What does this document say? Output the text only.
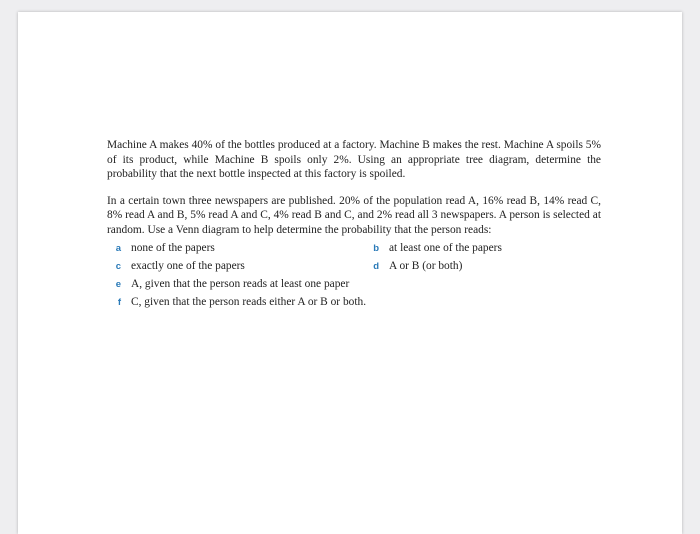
Machine A makes 40% of the bottles produced at a factory. Machine B makes the rest. Machine A spoils 5% of its product, while Machine B spoils only 2%. Using an appropriate tree diagram, determine the probability that the next bottle inspected at this factory is spoiled.

In a certain town three newspapers are published. 20% of the population read A, 16% read B, 14% read C, 8% read A and B, 5% read A and C, 4% read B and C, and 2% read all 3 newspapers. A person is selected at random. Use a Venn diagram to help determine the probability that the person reads:

a none of the papers	b at least one of the papers
c exactly one of the papers	d A or B (or both)
e A, given that the person reads at least one paper
f C, given that the person reads either A or B or both.
